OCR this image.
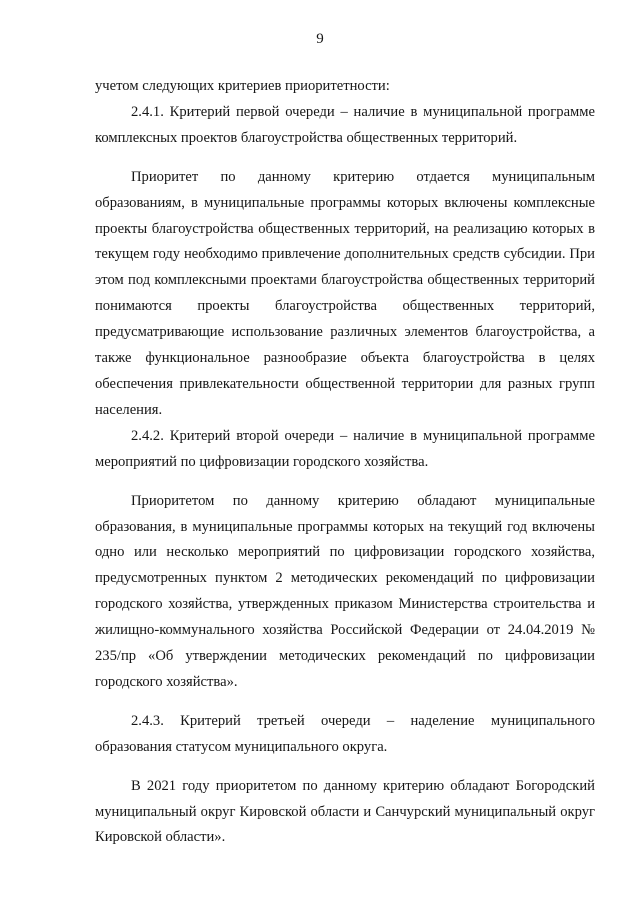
9

учетом следующих критериев приоритетности:

2.4.1. Критерий первой очереди – наличие в муниципальной программе комплексных проектов благоустройства общественных территорий.

Приоритет по данному критерию отдается муниципальным образованиям, в муниципальные программы которых включены комплексные проекты благоустройства общественных территорий, на реализацию которых в текущем году необходимо привлечение дополнительных средств субсидии. При этом под комплексными проектами благоустройства общественных территорий понимаются проекты благоустройства общественных территорий, предусматривающие использование различных элементов благоустройства, а также функциональное разнообразие объекта благоустройства в целях обеспечения привлекательности общественной территории для разных групп населения.

2.4.2. Критерий второй очереди – наличие в муниципальной программе мероприятий по цифровизации городского хозяйства.

Приоритетом по данному критерию обладают муниципальные образования, в муниципальные программы которых на текущий год включены одно или несколько мероприятий по цифровизации городского хозяйства, предусмотренных пунктом 2 методических рекомендаций по цифровизации городского хозяйства, утвержденных приказом Министерства строительства и жилищно-коммунального хозяйства Российской Федерации от 24.04.2019 № 235/пр «Об утверждении методических рекомендаций по цифровизации городского хозяйства».

2.4.3. Критерий третьей очереди – наделение муниципального образования статусом муниципального округа.

В 2021 году приоритетом по данному критерию обладают Богородский муниципальный округ Кировской области и Санчурский муниципальный округ Кировской области».
